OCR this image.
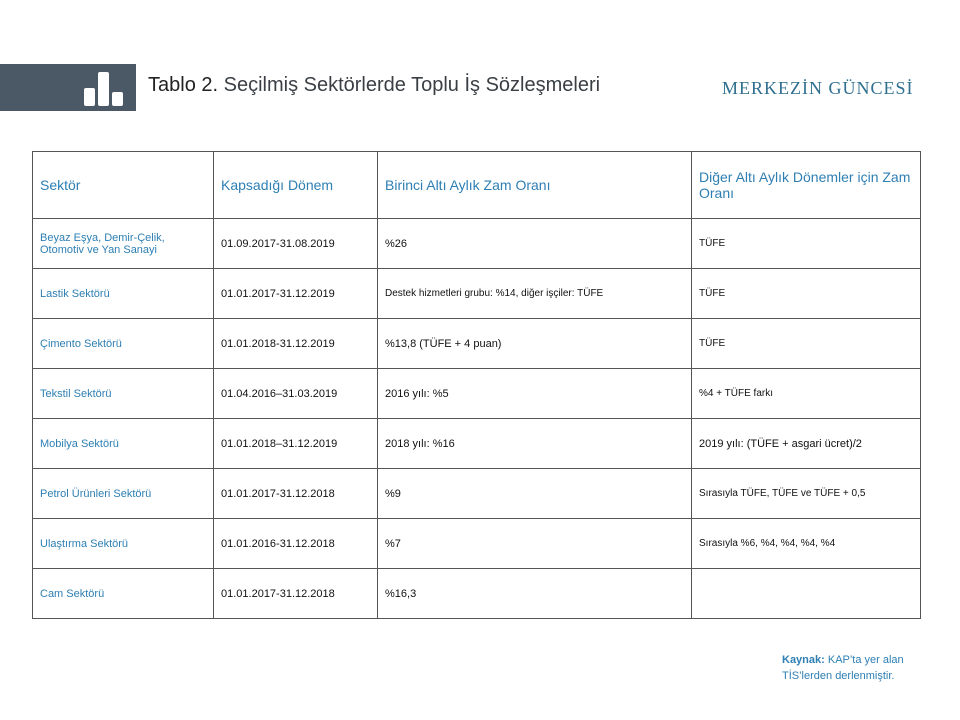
Tablo 2. Seçilmiş Sektörlerde Toplu İş Sözleşmeleri	MERKEZİN GÜNCESİ
Sektör	Kapsadığı Dönem	Birinci Altı Aylık Zam Oranı	Diğer Altı Aylık Dönemler için Zam Oranı
Beyaz Eşya, Demir-Çelik, Otomotiv ve Yan Sanayi	01.09.2017-31.08.2019	%26	TÜFE
Lastik Sektörü	01.01.2017-31.12.2019	Destek hizmetleri grubu: %14, diğer işçiler: TÜFE	TÜFE
Çimento Sektörü	01.01.2018-31.12.2019	%13,8 (TÜFE + 4 puan)	TÜFE
Tekstil Sektörü	01.04.2016–31.03.2019	2016 yılı: %5	%4 + TÜFE farkı
Mobilya Sektörü	01.01.2018–31.12.2019	2018 yılı: %16	2019 yılı: (TÜFE + asgari ücret)/2
Petrol Ürünleri Sektörü	01.01.2017-31.12.2018	%9	Sırasıyla TÜFE, TÜFE ve TÜFE + 0,5
Ulaştırma Sektörü	01.01.2016-31.12.2018	%7	Sırasıyla %6, %4, %4, %4, %4
Cam Sektörü	01.01.2017-31.12.2018	%16,3	
Kaynak: KAP’ta yer alan TİS’lerden derlenmiştir.
